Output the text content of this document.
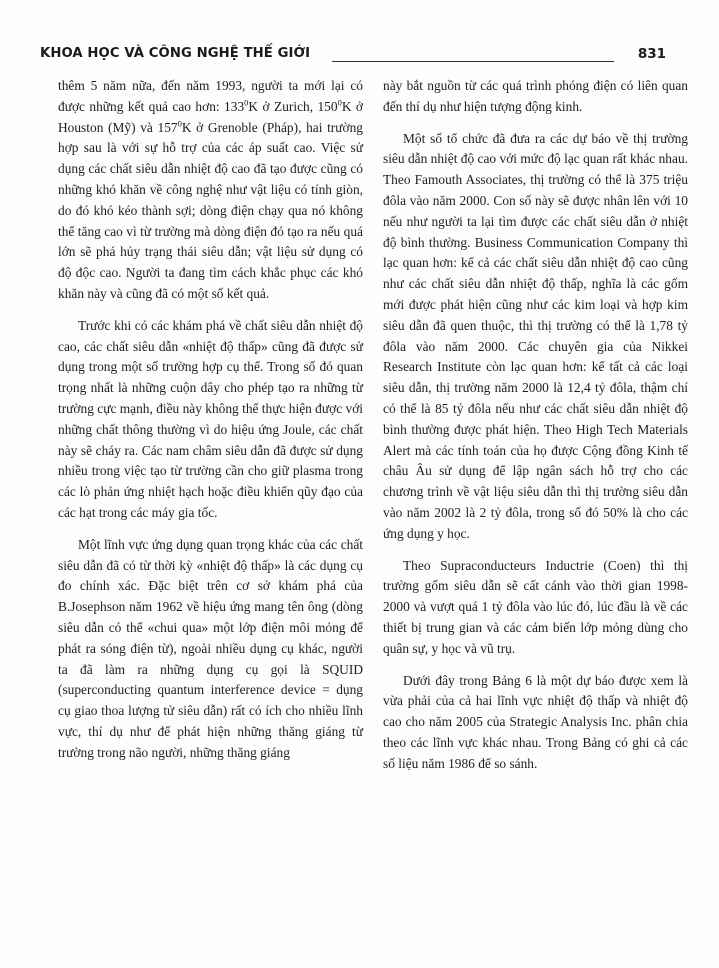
KHOA HỌC VÀ CÔNG NGHỆ THẾ GIỚI	831

thêm 5 năm nữa, đến năm 1993, người ta mới lại có được những kết quả cao hơn: $133^0K$ ở Zurich, $150^0K$ ở Houston (Mỹ) và $157^0K$ ở Grenoble (Pháp), hai trường hợp sau là với sự hỗ trợ của các áp suất cao. Việc sử dụng các chất siêu dẫn nhiệt độ cao đã tạo được cũng có những khó khăn về công nghệ như vật liệu có tính giòn, do đó khó kéo thành sợi; dòng điện chạy qua nó không thể tăng cao vì từ trường mà dòng điện đó tạo ra nếu quá lớn sẽ phá hủy trạng thái siêu dẫn; vật liệu sử dụng có độ độc cao. Người ta đang tìm cách khắc phục các khó khăn này và cũng đã có một số kết quả.

Trước khi có các khám phá về chất siêu dẫn nhiệt độ cao, các chất siêu dẫn «nhiệt độ thấp» cũng đã được sử dụng trong một số trường hợp cụ thể. Trong số đó quan trọng nhất là những cuộn dây cho phép tạo ra những từ trường cực mạnh, điều này không thể thực hiện được với những chất thông thường vì do hiệu ứng Joule, các chất này sẽ cháy ra. Các nam châm siêu dẫn đã được sử dụng nhiều trong việc tạo từ trường cần cho giữ plasma trong các lò phản ứng nhiệt hạch hoặc điều khiển qũy đạo của các hạt trong các máy gia tốc.

Một lĩnh vực ứng dụng quan trọng khác của các chất siêu dẫn đã có từ thời kỳ «nhiệt độ thấp» là các dụng cụ đo chính xác. Đặc biệt trên cơ sở khám phá của B.Josephson năm 1962 về hiệu ứng mang tên ông (dòng siêu dẫn có thể «chui qua» một lớp điện môi mỏng để phát ra sóng điện từ), ngoài nhiều dụng cụ khác, người ta đã làm ra những dụng cụ gọi là SQUID (superconducting quantum interference device = dụng cụ giao thoa lượng tử siêu dẫn) rất có ích cho nhiều lĩnh vực, thí dụ như để phát hiện những thăng giáng từ trường trong não người, những thăng giáng

này bắt nguồn từ các quá trình phóng điện có liên quan đến thí dụ như hiện tượng động kinh.

Một số tổ chức đã đưa ra các dự báo về thị trường siêu dẫn nhiệt độ cao với mức độ lạc quan rất khác nhau. Theo Famouth Associates, thị trường có thể là 375 triệu đôla vào năm 2000. Con số này sẽ được nhân lên với 10 nếu như người ta lại tìm được các chất siêu dẫn ở nhiệt độ bình thường. Business Communication Company thì lạc quan hơn: kể cả các chất siêu dẫn nhiệt độ cao cũng như các chất siêu dẫn nhiệt độ thấp, nghĩa là các gốm mới được phát hiện cũng như các kim loại và hợp kim siêu dẫn đã quen thuộc, thì thị trường có thể là 1,78 tỷ đôla vào năm 2000. Các chuyên gia của Nikkei Research Institute còn lạc quan hơn: kể tất cả các loại siêu dẫn, thị trường năm 2000 là 12,4 tỷ đôla, thậm chí có thể là 85 tỷ đôla nếu như các chất siêu dẫn nhiệt độ bình thường được phát hiện. Theo High Tech Materials Alert mà các tính toán của họ được Cộng đồng Kinh tế châu Âu sử dụng để lập ngân sách hỗ trợ cho các chương trình về vật liệu siêu dẫn thì thị trường siêu dẫn vào năm 2002 là 2 tỷ đôla, trong số đó 50% là cho các ứng dụng y học.

Theo Supraconducteurs Inductrie (Coen) thì thị trường gốm siêu dẫn sẽ cất cánh vào thời gian 1998-2000 và vượt quá 1 tỷ đôla vào lúc đó, lúc đầu là về các thiết bị trung gian và các cảm biến lớp mỏng dùng cho quân sự, y học và vũ trụ.

Dưới đây trong Bảng 6 là một dự báo được xem là vừa phải của cả hai lĩnh vực nhiệt độ thấp và nhiệt độ cao cho năm 2005 của Strategic Analysis Inc. phân chia theo các lĩnh vực khác nhau. Trong Bảng có ghi cả các số liệu năm 1986 để so sánh.
